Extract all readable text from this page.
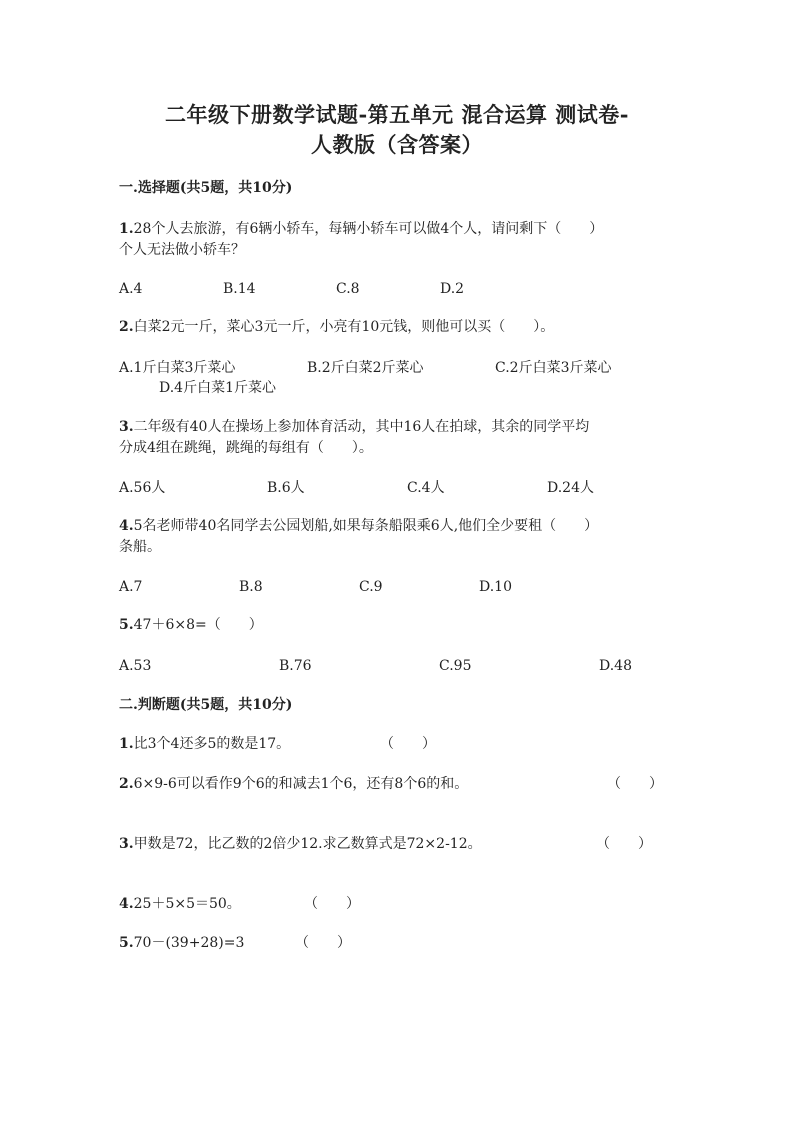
二年级下册数学试题-第五单元 混合运算 测试卷-
人教版（含答案）
一.选择题(共5题，共10分)
1.28个人去旅游，有6辆小轿车，每辆小轿车可以做4个人，请问剩下（　　）
个人无法做小轿车？
A.4	B.14	C.8	D.2
2.白菜2元一斤，菜心3元一斤，小亮有10元钱，则他可以买（　　）。
A.1斤白菜3斤菜心	B.2斤白菜2斤菜心	C.2斤白菜3斤菜心
D.4斤白菜1斤菜心
3.二年级有40人在操场上参加体育活动，其中16人在拍球，其余的同学平均
分成4组在跳绳，跳绳的每组有（　　）。
A.56人	B.6人	C.4人	D.24人
4.5名老师带40名同学去公园划船,如果每条船限乘6人,他们全少要租（　　）
条船。
A.7	B.8	C.9	D.10
5.47＋6×8=（　　）
A.53	B.76	C.95	D.48
二.判断题(共5题，共10分)
1.比3个4还多5的数是17。	（　　）
2.6×9-6可以看作9个6的和减去1个6，还有8个6的和。	（　　）
3.甲数是72，比乙数的2倍少12.求乙数算式是72×2-12。	（　　）
4.25＋5×5＝50。	（　　）
5.70－(39+28)=3	（　　）
